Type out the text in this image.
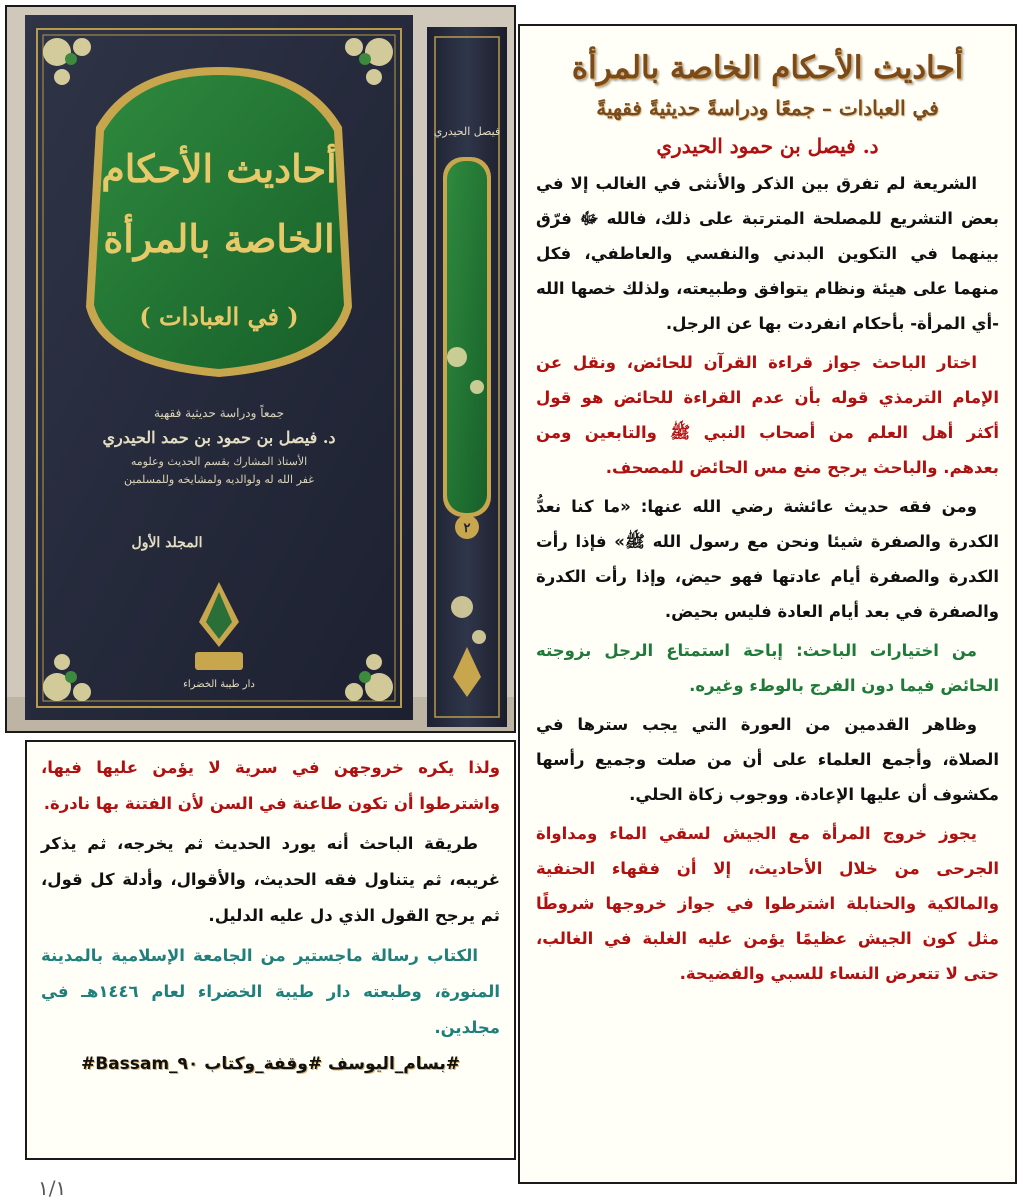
أحاديث الأحكام
الخاصة بالمرأة
( في العبادات )
جمعاً ودراسة حديثية فقهية
د. فيصل بن حمود بن حمد الحيدري
الأستاذ المشارك بقسم الحديث وعلومه
غفر الله له ولوالديه ولمشايخه وللمسلمين
المجلد الأول
دار طيبة الخضراء
فيصل الحيدري
٢
أحاديث الأحكام الخاصة بالمرأة
في العبادات – جمعًا ودراسةً حديثيةً فقهيةً
د. فيصل بن حمود الحيدري

الشريعة لم تفرق بين الذكر والأنثى في الغالب إلا في بعض التشريع للمصلحة المترتبة على ذلك، فالله ﷻ فرّق بينهما في التكوين البدني والنفسي والعاطفي، فكل منهما على هيئة ونظام يتوافق وطبيعته، ولذلك خصها الله -أي المرأة- بأحكام انفردت بها عن الرجل.

اختار الباحث جواز قراءة القرآن للحائض، ونقل عن الإمام الترمذي قوله بأن عدم القراءة للحائض هو قول أكثر أهل العلم من أصحاب النبي ﷺ والتابعين ومن بعدهم. والباحث يرجح منع مس الحائض للمصحف.

ومن فقه حديث عائشة رضي الله عنها: «ما كنا نعدُّ الكدرة والصفرة شيئا ونحن مع رسول الله ﷺ» فإذا رأت الكدرة والصفرة أيام عادتها فهو حيض، وإذا رأت الكدرة والصفرة في بعد أيام العادة فليس بحيض.

من اختيارات الباحث: إباحة استمتاع الرجل بزوجته الحائض فيما دون الفرج بالوطء وغيره.

وظاهر القدمين من العورة التي يجب سترها في الصلاة، وأجمع العلماء على أن من صلت وجميع رأسها مكشوف أن عليها الإعادة. ووجوب زكاة الحلي.

يجوز خروج المرأة مع الجيش لسقي الماء ومداواة الجرحى من خلال الأحاديث، إلا أن فقهاء الحنفية والمالكية والحنابلة اشترطوا في جواز خروجها شروطًا مثل كون الجيش عظيمًا يؤمن عليه الغلبة في الغالب، حتى لا تتعرض النساء للسبي والفضيحة.

ولذا يكره خروجهن في سرية لا يؤمن عليها فيها، واشترطوا أن تكون طاعنة في السن لأن الفتنة بها نادرة.

طريقة الباحث أنه يورد الحديث ثم يخرجه، ثم يذكر غريبه، ثم يتناول فقه الحديث، والأقوال، وأدلة كل قول، ثم يرجح القول الذي دل عليه الدليل.

الكتاب رسالة ماجستير من الجامعة الإسلامية بالمدينة المنورة، وطبعته دار طيبة الخضراء لعام ١٤٤٦هـ في مجلدين.

#بسام_اليوسف #وقفة_وكتاب ٩٠_Bassam#
١/١
